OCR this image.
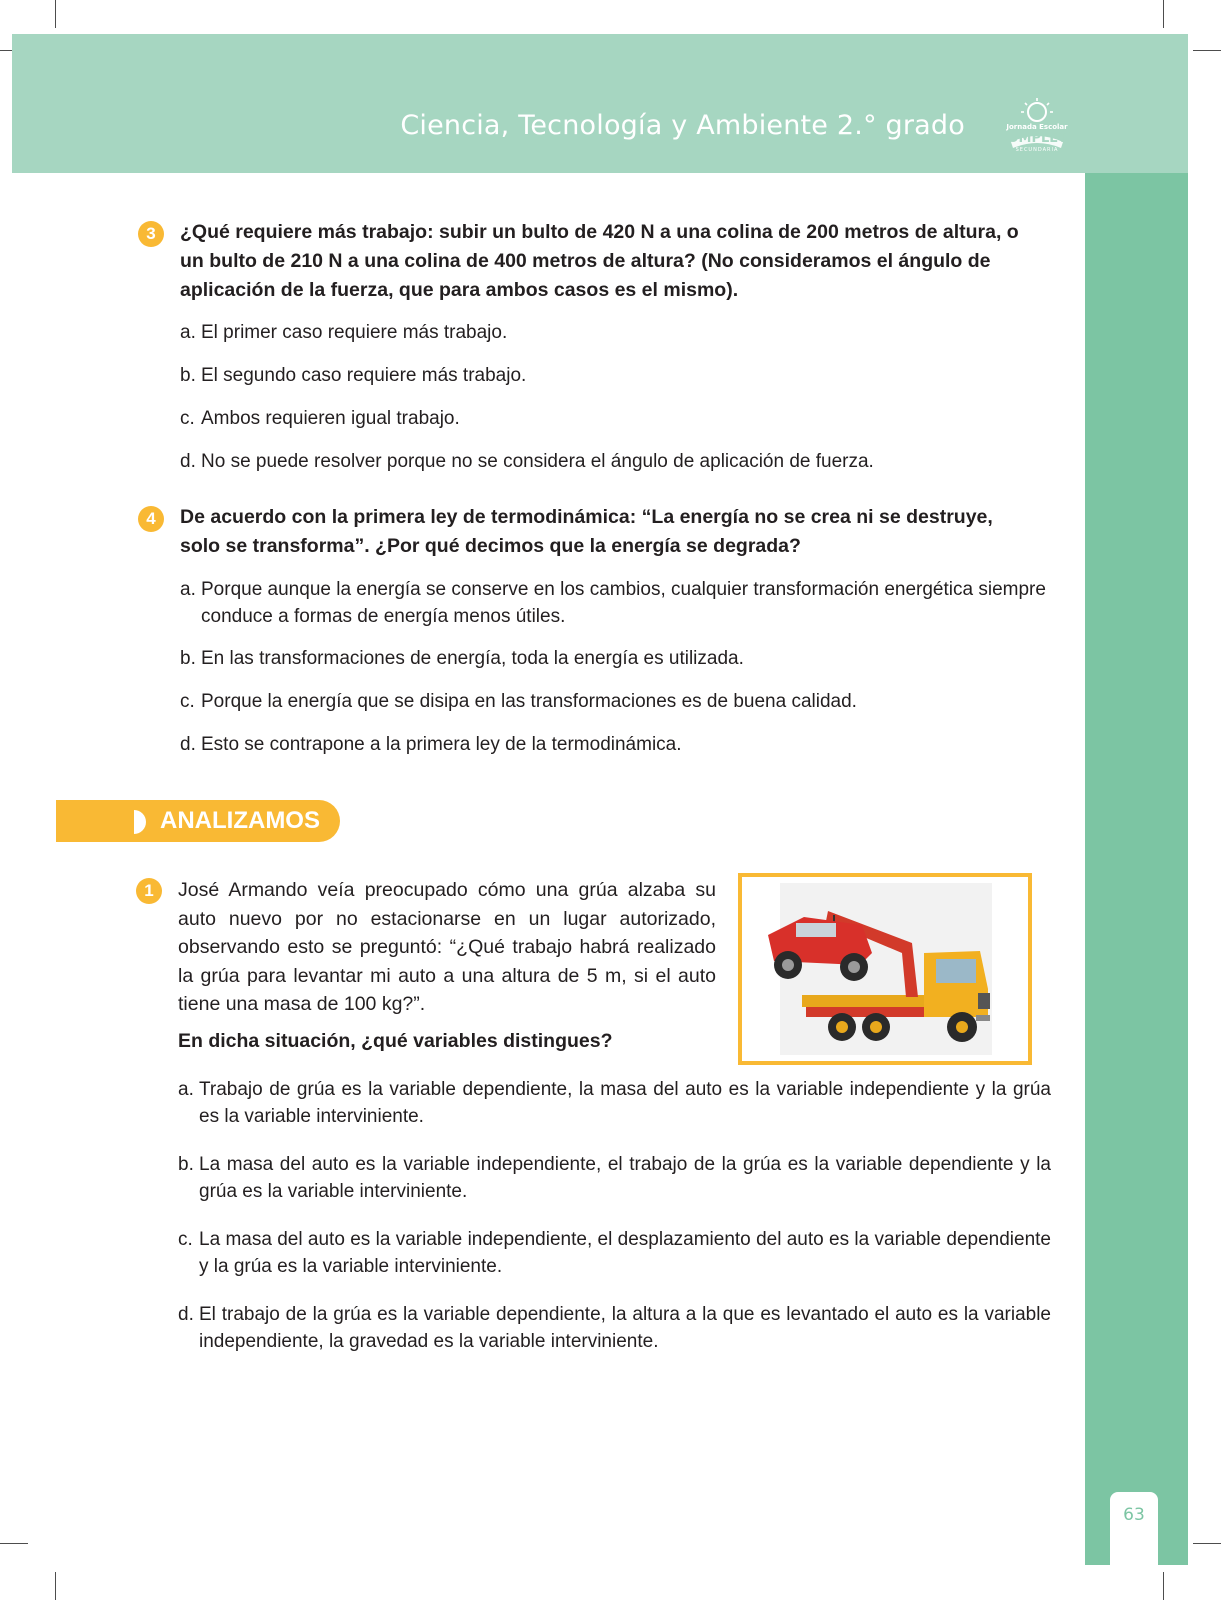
Ciencia, Tecnología y Ambiente 2.° grado	Jornada Escolar
COMPLETA
SECUNDARIA
63
3	¿Qué requiere más trabajo: subir un bulto de 420 N a una colina de 200 metros de altura, o un bulto de 210 N a una colina de 400 metros de altura? (No consideramos el ángulo de aplicación de la fuerza, que para ambos casos es el mismo).
a. El primer caso requiere más trabajo.
b. El segundo caso requiere más trabajo.
c. Ambos requieren igual trabajo.
d. No se puede resolver porque no se considera el ángulo de aplicación de fuerza.
4	De acuerdo con la primera ley de termodinámica: “La energía no se crea ni se destruye, solo se transforma”. ¿Por qué decimos que la energía se degrada?
a. Porque aunque la energía se conserve en los cambios, cualquier transformación energética siempre conduce a formas de energía menos útiles.
b. En las transformaciones de energía, toda la energía es utilizada.
c. Porque la energía que se disipa en las transformaciones es de buena calidad.
d. Esto se contrapone a la primera ley de la termodinámica.
ANALIZAMOS
1	José Armando veía preocupado cómo una grúa alzaba su auto nuevo por no estacionarse en un lugar autorizado, observando esto se preguntó: “¿Qué trabajo habrá realizado la grúa para levantar mi auto a una altura de 5 m, si el auto tiene una masa de 100 kg?”.
En dicha situación, ¿qué variables distingues?
a. Trabajo de grúa es la variable dependiente, la masa del auto es la variable independiente y la grúa es la variable interviniente.
b. La masa del auto es la variable independiente, el trabajo de la grúa es la variable dependiente y la grúa es la variable interviniente.
c. La masa del auto es la variable independiente, el desplazamiento del auto es la variable dependiente y la grúa es la variable interviniente.
d. El trabajo de la grúa es la variable dependiente, la altura a la que es levantado el auto es la variable independiente, la gravedad es la variable interviniente.
